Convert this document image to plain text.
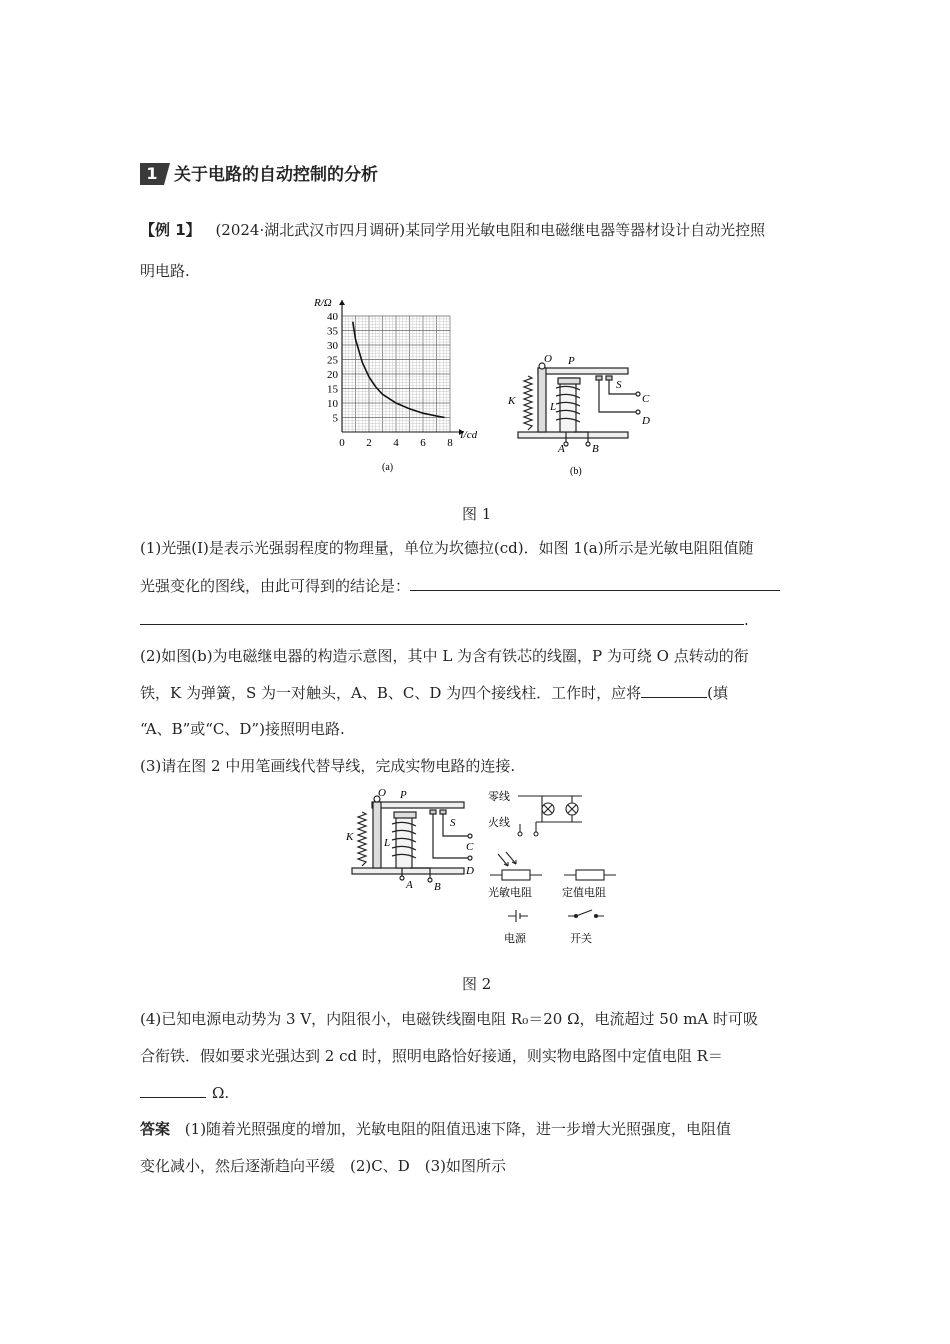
1 关于电路的自动控制的分析
【例 1】 (2024·湖北武汉市四月调研)某同学用光敏电阻和电磁继电器等器材设计自动光控照
明电路.
5
10
15
20
25
30
35
40
0 2 4 6 8
R/Ω
I/cd
(a)
O P
K	L
S
C
D
A B
(b)
图 1
(1)光强(I)是表示光强弱程度的物理量，单位为坎德拉(cd)．如图 1(a)所示是光敏电阻阻值随
光强变化的图线，由此可得到的结论是：
.
(2)如图(b)为电磁继电器的构造示意图，其中 L 为含有铁芯的线圈，P 为可绕 O 点转动的衔
铁，K 为弹簧，S 为一对触头，A、B、C、D 为四个接线柱．工作时，应将	(填
“A、B”或“C、D”)接照明电路.
(3)请在图 2 中用笔画线代替导线，完成实物电路的连接.
O P
K	L
S
C
D
A B
零线
火线
光敏电阻	定值电阻
电源	开关
图 2
(4)已知电源电动势为 3 V，内阻很小，电磁铁线圈电阻 R₀＝20 Ω，电流超过 50 mA 时可吸
合衔铁．假如要求光强达到 2 cd 时，照明电路恰好接通，则实物电路图中定值电阻 R＝
Ω.
答案 (1)随着光照强度的增加，光敏电阻的阻值迅速下降，进一步增大光照强度，电阻值
变化减小，然后逐渐趋向平缓　(2)C、D　(3)如图所示
